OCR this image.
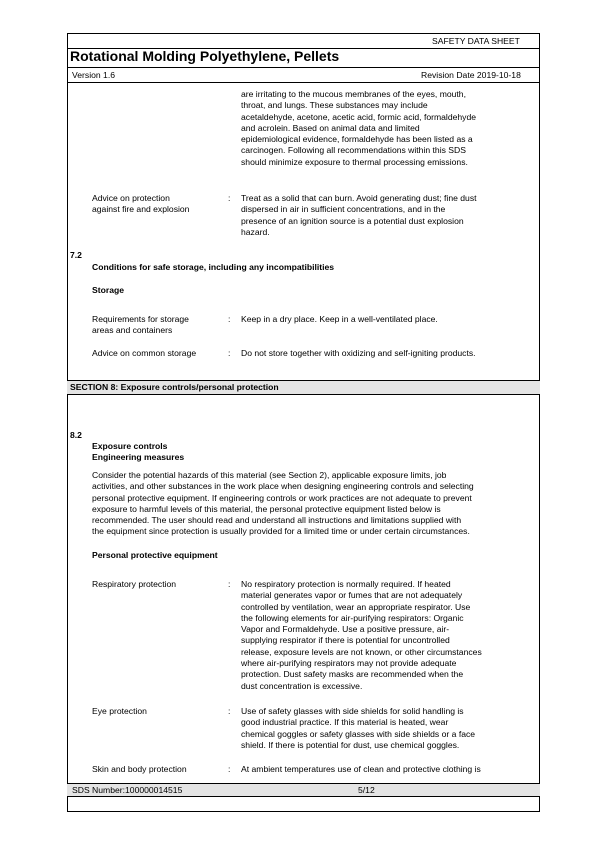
SAFETY DATA SHEET
Rotational Molding Polyethylene, Pellets
Version 1.6	Revision Date 2019-10-18
are irritating to the mucous membranes of the eyes, mouth,
throat, and lungs. These substances may include
acetaldehyde, acetone, acetic acid, formic acid, formaldehyde
and acrolein. Based on animal data and limited
epidemiological evidence, formaldehyde has been listed as a
carcinogen. Following all recommendations within this SDS
should minimize exposure to thermal processing emissions.
Advice on protection
against fire and explosion
: Treat as a solid that can burn. Avoid generating dust; fine dust
dispersed in air in sufficient concentrations, and in the
presence of an ignition source is a potential dust explosion
hazard.
7.2
Conditions for safe storage, including any incompatibilities
Storage
Requirements for storage
areas and containers
: Keep in a dry place. Keep in a well-ventilated place.
Advice on common storage	: Do not store together with oxidizing and self-igniting products.
SECTION 8: Exposure controls/personal protection
8.2
Exposure controls
Engineering measures
Consider the potential hazards of this material (see Section 2), applicable exposure limits, job
activities, and other substances in the work place when designing engineering controls and selecting
personal protective equipment. If engineering controls or work practices are not adequate to prevent
exposure to harmful levels of this material, the personal protective equipment listed below is
recommended. The user should read and understand all instructions and limitations supplied with
the equipment since protection is usually provided for a limited time or under certain circumstances.
Personal protective equipment
Respiratory protection	: No respiratory protection is normally required. If heated
material generates vapor or fumes that are not adequately
controlled by ventilation, wear an appropriate respirator. Use
the following elements for air-purifying respirators: Organic
Vapor and Formaldehyde. Use a positive pressure, air-
supplying respirator if there is potential for uncontrolled
release, exposure levels are not known, or other circumstances
where air-purifying respirators may not provide adequate
protection. Dust safety masks are recommended when the
dust concentration is excessive.
Eye protection	: Use of safety glasses with side shields for solid handling is
good industrial practice. If this material is heated, wear
chemical goggles or safety glasses with side shields or a face
shield. If there is potential for dust, use chemical goggles.
Skin and body protection	: At ambient temperatures use of clean and protective clothing is
SDS Number:100000014515	5/12
